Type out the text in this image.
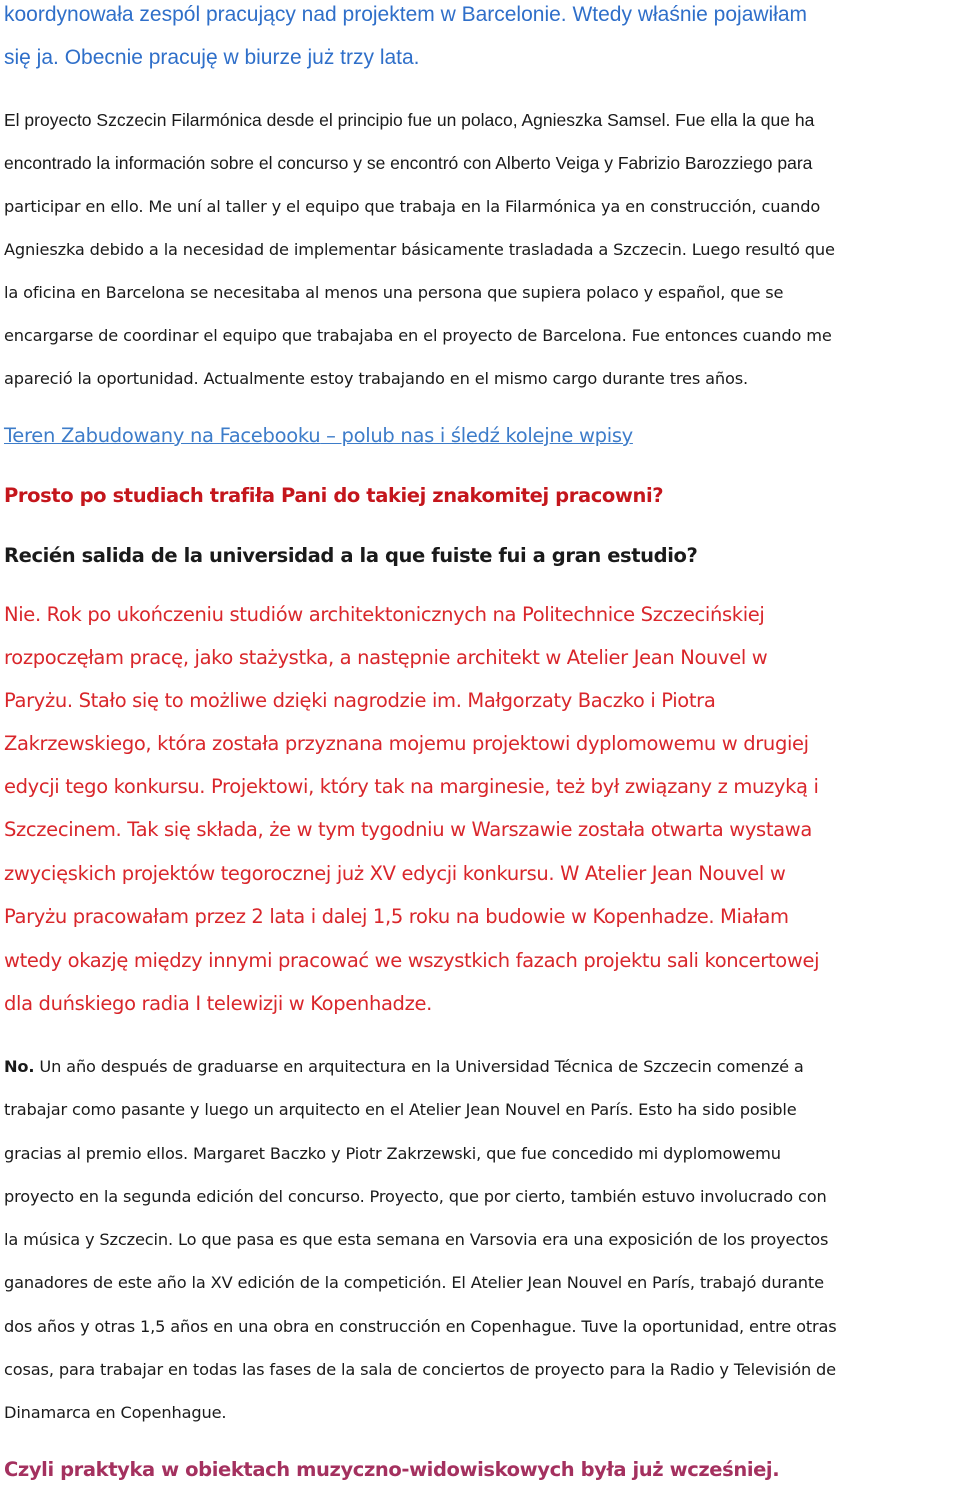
koordynowała zespól pracujący nad projektem w Barcelonie. Wtedy właśnie pojawiłam

się ja. Obecnie pracuję w biurze już trzy lata.

El proyecto Szczecin Filarmónica desde el principio fue un polaco, Agnieszka Samsel. Fue ella la que ha

encontrado la información sobre el concurso y se encontró con Alberto Veiga y Fabrizio Barozziego para

participar en ello. Me uní al taller y el equipo que trabaja en la Filarmónica ya en construcción, cuando

Agnieszka debido a la necesidad de implementar básicamente trasladada a Szczecin. Luego resultó que

la oficina en Barcelona se necesitaba al menos una persona que supiera polaco y español, que se

encargarse de coordinar el equipo que trabajaba en el proyecto de Barcelona. Fue entonces cuando me

apareció la oportunidad. Actualmente estoy trabajando en el mismo cargo durante tres años.

Teren Zabudowany na Facebooku – polub nas i śledź kolejne wpisy

Prosto po studiach trafiła Pani do takiej znakomitej pracowni?

Recién salida de la universidad a la que fuiste fui a gran estudio?

Nie. Rok po ukończeniu studiów architektonicznych na Politechnice Szczecińskiej

rozpoczęłam pracę, jako stażystka, a następnie architekt w Atelier Jean Nouvel w

Paryżu. Stało się to możliwe dzięki nagrodzie im. Małgorzaty Baczko i Piotra

Zakrzewskiego, która została przyznana mojemu projektowi dyplomowemu w drugiej

edycji tego konkursu. Projektowi, który tak na marginesie, też był związany z muzyką i

Szczecinem. Tak się składa, że w tym tygodniu w Warszawie została otwarta wystawa

zwycięskich projektów tegorocznej już XV edycji konkursu. W Atelier Jean Nouvel w

Paryżu pracowałam przez 2 lata i dalej 1,5 roku na budowie w Kopenhadze. Miałam

wtedy okazję między innymi pracować we wszystkich fazach projektu sali koncertowej

dla duńskiego radia I telewizji w Kopenhadze.

No. Un año después de graduarse en arquitectura en la Universidad Técnica de Szczecin comenzé a

trabajar como pasante y luego un arquitecto en el Atelier Jean Nouvel en París. Esto ha sido posible

gracias al premio ellos. Margaret Baczko y Piotr Zakrzewski, que fue concedido mi dyplomowemu

proyecto en la segunda edición del concurso. Proyecto, que por cierto, también estuvo involucrado con

la música y Szczecin. Lo que pasa es que esta semana en Varsovia era una exposición de los proyectos

ganadores de este año la XV edición de la competición. El Atelier Jean Nouvel en París, trabajó durante

dos años y otras 1,5 años en una obra en construcción en Copenhague. Tuve la oportunidad, entre otras

cosas, para trabajar en todas las fases de la sala de conciertos de proyecto para la Radio y Televisión de

Dinamarca en Copenhague.

Czyli praktyka w obiektach muzyczno-widowiskowych była już wcześniej.
